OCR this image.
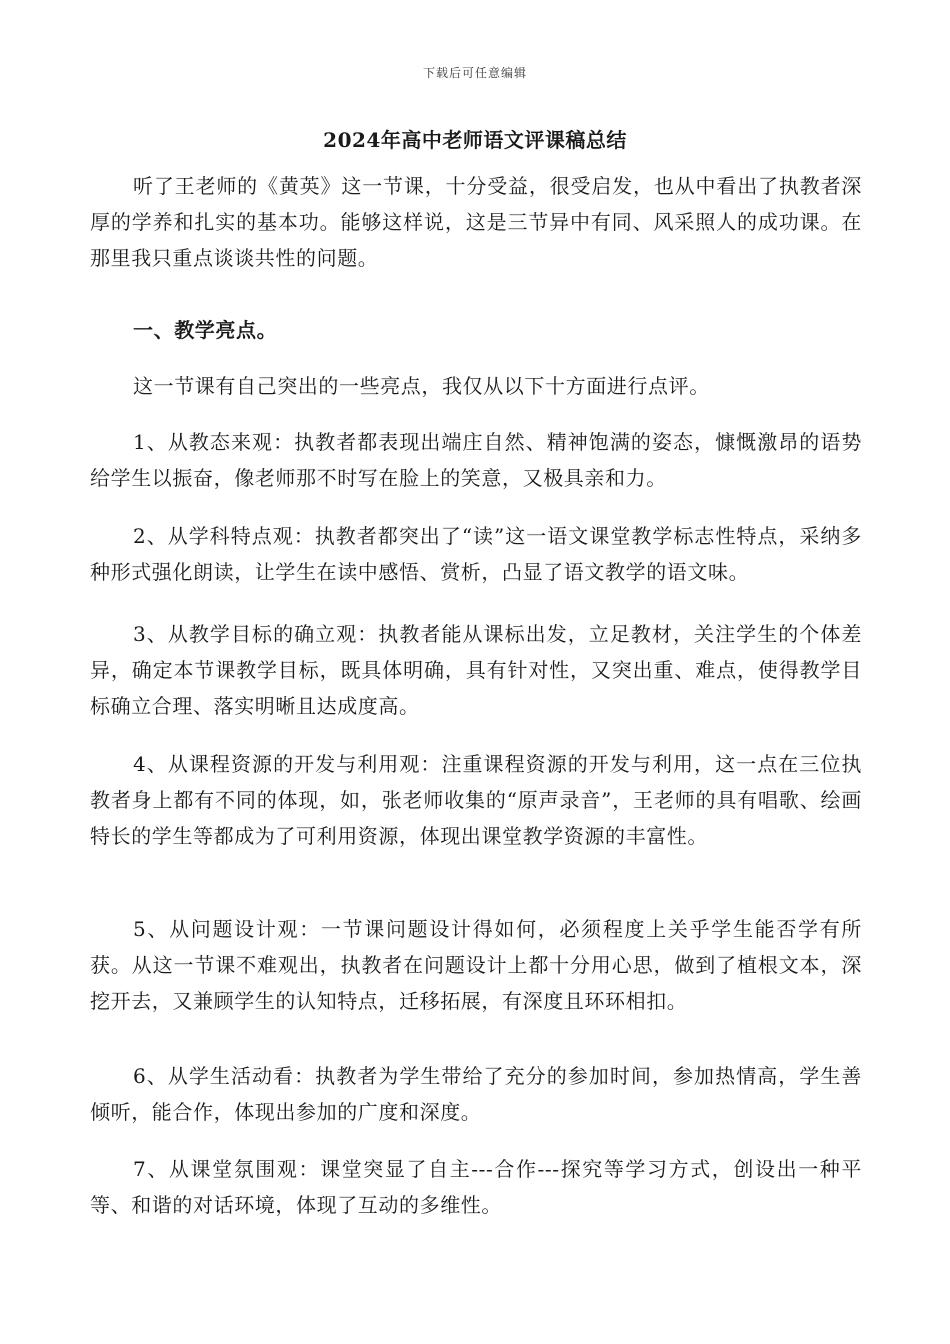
下载后可任意编辑
2024年高中老师语文评课稿总结
听了王老师的《黄英》这一节课，十分受益，很受启发，也从中看出了执教者深厚的学养和扎实的基本功。能够这样说，这是三节异中有同、风采照人的成功课。在那里我只重点谈谈共性的问题。
一、教学亮点。
这一节课有自己突出的一些亮点，我仅从以下十方面进行点评。
1、从教态来观：执教者都表现出端庄自然、精神饱满的姿态，慷慨激昂的语势给学生以振奋，像老师那不时写在脸上的笑意，又极具亲和力。
2、从学科特点观：执教者都突出了“读”这一语文课堂教学标志性特点，采纳多种形式强化朗读，让学生在读中感悟、赏析，凸显了语文教学的语文味。
3、从教学目标的确立观：执教者能从课标出发，立足教材，关注学生的个体差异，确定本节课教学目标，既具体明确，具有针对性，又突出重、难点，使得教学目标确立合理、落实明晰且达成度高。
4、从课程资源的开发与利用观：注重课程资源的开发与利用，这一点在三位执教者身上都有不同的体现，如，张老师收集的“原声录音”，王老师的具有唱歌、绘画特长的学生等都成为了可利用资源，体现出课堂教学资源的丰富性。
5、从问题设计观：一节课问题设计得如何，必须程度上关乎学生能否学有所获。从这一节课不难观出，执教者在问题设计上都十分用心思，做到了植根文本，深挖开去，又兼顾学生的认知特点，迁移拓展，有深度且环环相扣。
6、从学生活动看：执教者为学生带给了充分的参加时间，参加热情高，学生善倾听，能合作，体现出参加的广度和深度。
7、从课堂氛围观：课堂突显了自主---合作---探究等学习方式，创设出一种平等、和谐的对话环境，体现了互动的多维性。
